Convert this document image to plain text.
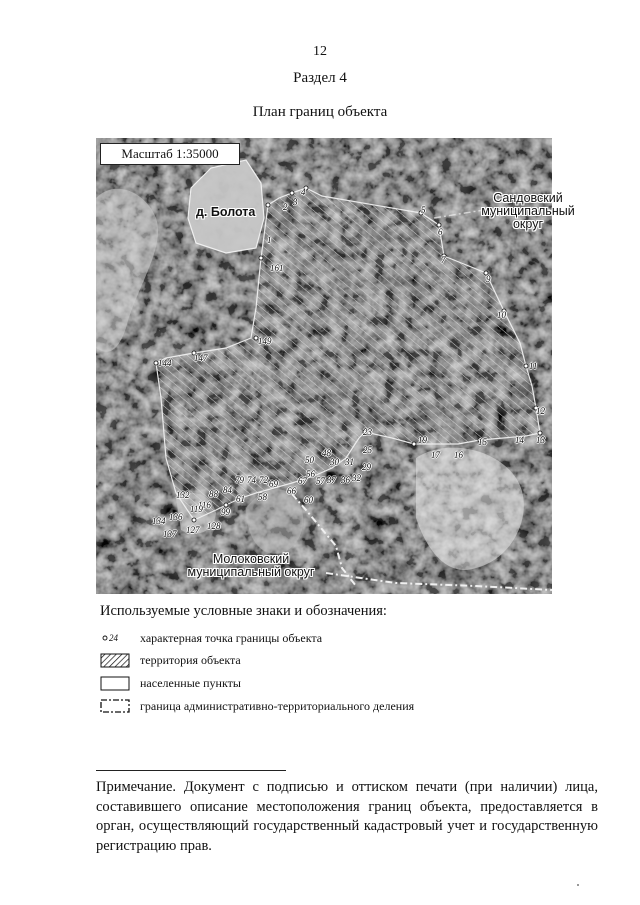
12
Раздел 4
План границ объекта
Масштаб 1:35000
д. Болота
Сандовский
муниципальный округ
Молоковский
муниципальный округ
1
2 3
4
5
6
7
9
10
11
12
13
14
15
16
17
19
23
25
29
30 31
32
36
37
48
50
56
57
58	60
61
66
67
69
72
74
79
84
88
99
116
119
127 128
132
134 136
137
144	147
149
161
Используемые условные знаки и обозначения:
24 характерная точка границы объекта
территория объекта
населенные пункты
граница административно-территориального деления
Примечание. Документ с подписью и оттиском печати (при наличии) лица, составившего описание местоположения границ объекта, предоставляется в орган, осуществляющий государственный кадастровый учет и государственную регистрацию прав.
